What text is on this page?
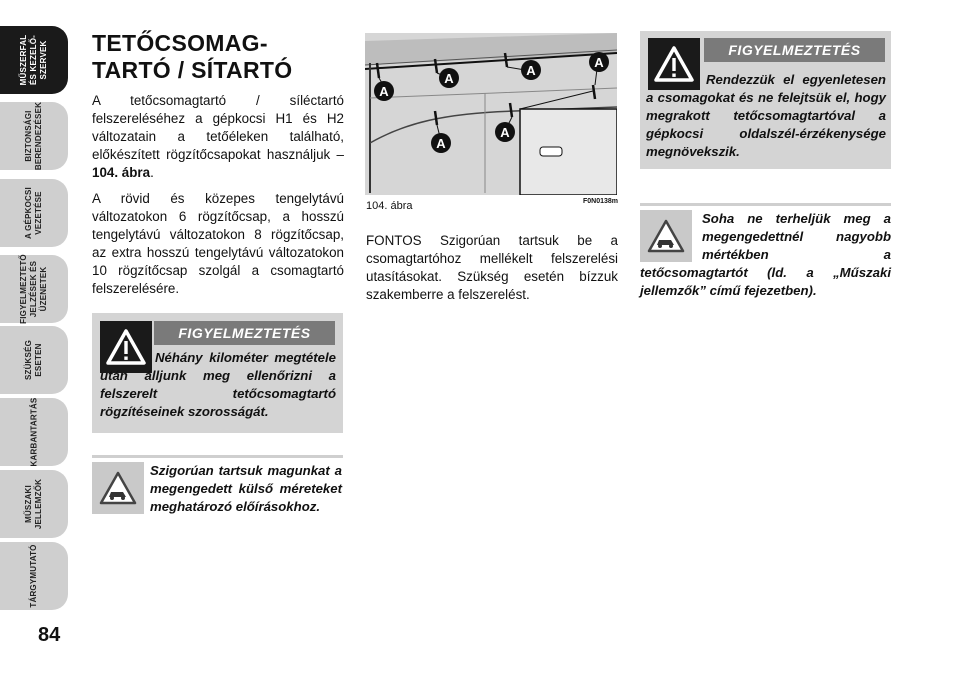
MŰSZERFAL
ÉS KEZELŐ-
SZERVEK
BIZTONSÁGI
BERENDEZÉSEK
A GÉPKOCSI
VEZETÉSE
FIGYELMEZTETŐ
JELZÉSEK ÉS
ÜZENETEK
SZÜKSÉG
ESETEN
KARBANTARTÁS
MŰSZAKI
JELLEMZŐK
TÁRGYMUTATÓ
84
TETŐCSOMAG-
TARTÓ / SÍTARTÓ

A tetőcsomagtartó / síléctartó felszereléséhez a gépkocsi H1 és H2 változatain a tetőéleken található, előkészített rögzítőcsapokat használjuk – 104. ábra.

A rövid és közepes tengelytávú változatokon 6 rögzítőcsap, a hosszú tengelytávú változatokon 8 rögzítőcsap, az extra hosszú tengelytávú változatokon 10 rögzítőcsap szolgál a csomagtartó felszerelésére.

FIGYELMEZTETÉS
Néhány kilométer megtétele után álljunk meg ellenőrizni a felszerelt tetőcsomagtartó rögzítéseinek szorosságát.
Szigorúan tartsuk magunkat a megengedett külső méreteket meghatározó előírásokhoz.
A
A
A
A
A
A
104. ábra	F0N0138m

FONTOS Szigorúan tartsuk be a csomagtartóhoz mellékelt felszerelési utasításokat. Szükség esetén bízzuk szakemberre a felszerelést.

FIGYELMEZTETÉS
Rendezzük el egyenletesen a csomagokat és ne felejtsük el, hogy megrakott tetőcsomagtartóval a gépkocsi oldalszél-érzékenysége megnövekszik.
Soha ne terheljük meg a megengedettnél nagyobb mértékben a tetőcsomagtartót (ld. a „Műszaki jellemzők” című fejezetben).
